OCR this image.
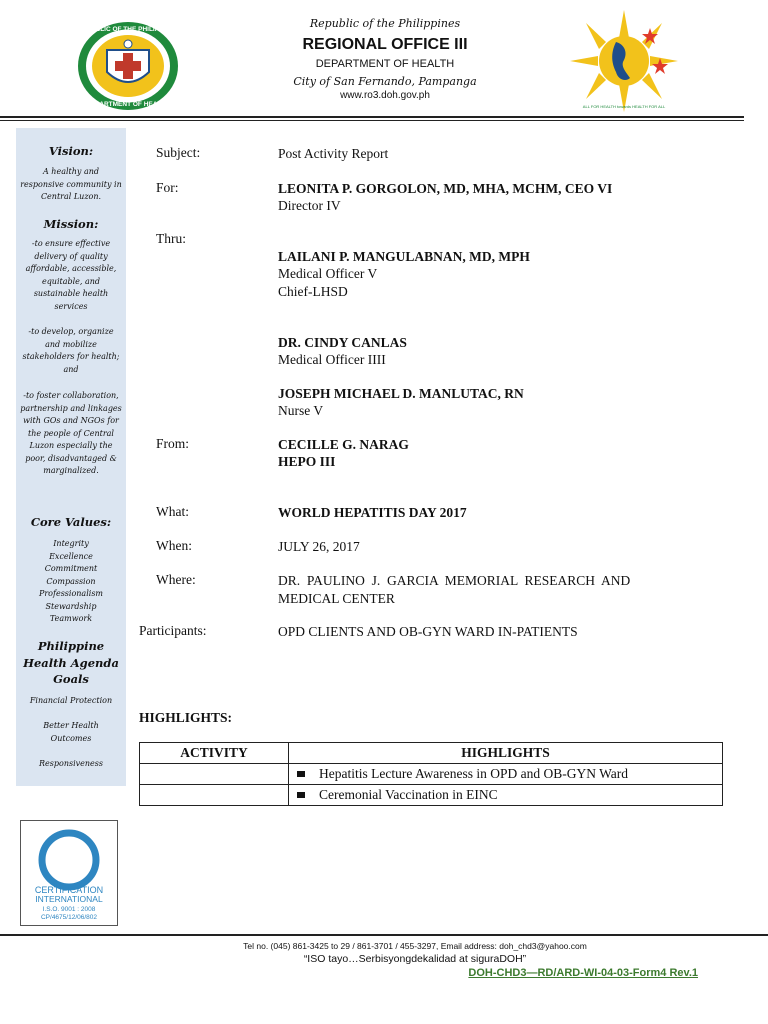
REPUBLIC OF THE PHILIPPINES
DEPARTMENT OF HEALTH
Republic of the Philippines
REGIONAL OFFICE III
DEPARTMENT OF HEALTH
City of San Fernando, Pampanga
www.ro3.doh.gov.ph
ALL FOR HEALTH towards HEALTH FOR ALL
Vision:
A healthy and responsive community in Central Luzon.
Mission:
-to ensure effective delivery of quality affordable, accessible, equitable, and sustainable health services
-to develop, organize and mobilize stakeholders for health; and
-to foster collaboration, partnership and linkages with GOs and NGOs for the people of Central Luzon especially the poor, disadvantaged & marginalized.
Core Values:
Integrity
Excellence
Commitment
Compassion
Professionalism
Stewardship
Teamwork
Philippine Health Agenda Goals
Financial Protection
Better Health Outcomes
Responsiveness
Subject:	Post Activity Report
For:	LEONITA P. GORGOLON, MD, MHA, MCHM, CEO VI
Director IV
Thru:
LAILANI P. MANGULABNAN, MD, MPH
Medical Officer V
Chief-LHSD
DR. CINDY CANLAS
Medical Officer IIII
JOSEPH MICHAEL D. MANLUTAC, RN
Nurse V
From:	CECILLE G. NARAG
HEPO III
What:	WORLD HEPATITIS DAY 2017
When:	JULY 26, 2017
Where:	DR.  PAULINO  J.  GARCIA  MEMORIAL  RESEARCH  AND
MEDICAL CENTER
Participants:	OPD CLIENTS AND OB-GYN WARD IN-PATIENTS
HIGHLIGHTS:
ACTIVITY	HIGHLIGHTS
	Hepatitis Lecture Awareness in OPD and OB-GYN Ward
	Ceremonial Vaccination in EINC
CERTIFICATION
INTERNATIONAL
I.S.O. 9001 : 2008
CP/4675/12/06/802
Tel no. (045) 861-3425 to 29 / 861-3701 / 455-3297, Email address: doh_chd3@yahoo.com
“ISO tayo…Serbisyongdekalidad at siguraDOH”
DOH-CHD3—RD/ARD-WI-04-03-Form4 Rev.1
